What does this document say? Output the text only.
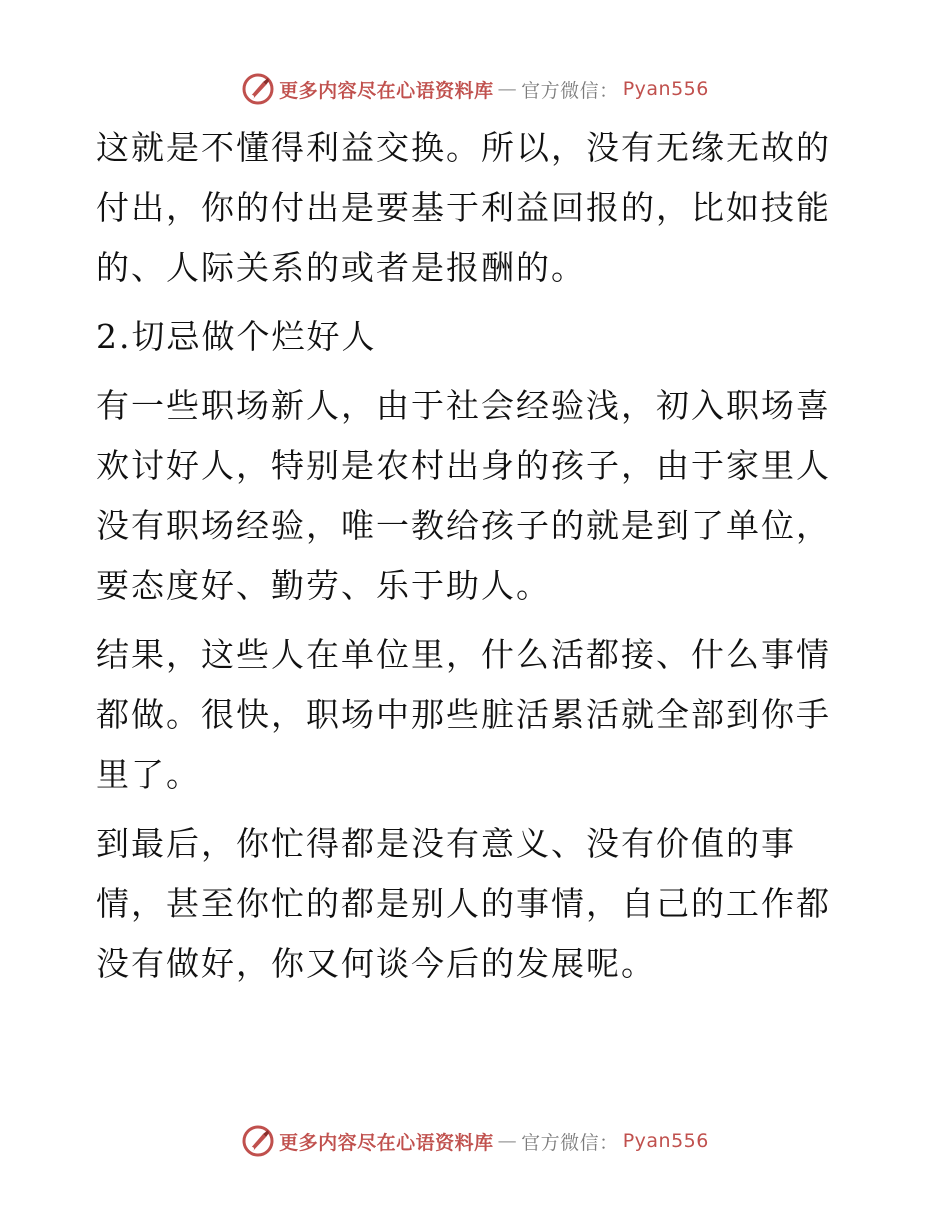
更多内容尽在心语资料库 — 官方微信： Pyan556

这就是不懂得利益交换。所以，没有无缘无故的付出，你的付出是要基于利益回报的，比如技能的、人际关系的或者是报酬的。

2.切忌做个烂好人

有一些职场新人，由于社会经验浅，初入职场喜欢讨好人，特别是农村出身的孩子，由于家里人没有职场经验，唯一教给孩子的就是到了单位，要态度好、勤劳、乐于助人。

结果，这些人在单位里，什么活都接、什么事情都做。很快，职场中那些脏活累活就全部到你手里了。

到最后，你忙得都是没有意义、没有价值的事情，甚至你忙的都是别人的事情，自己的工作都没有做好，你又何谈今后的发展呢。

更多内容尽在心语资料库 — 官方微信： Pyan556
